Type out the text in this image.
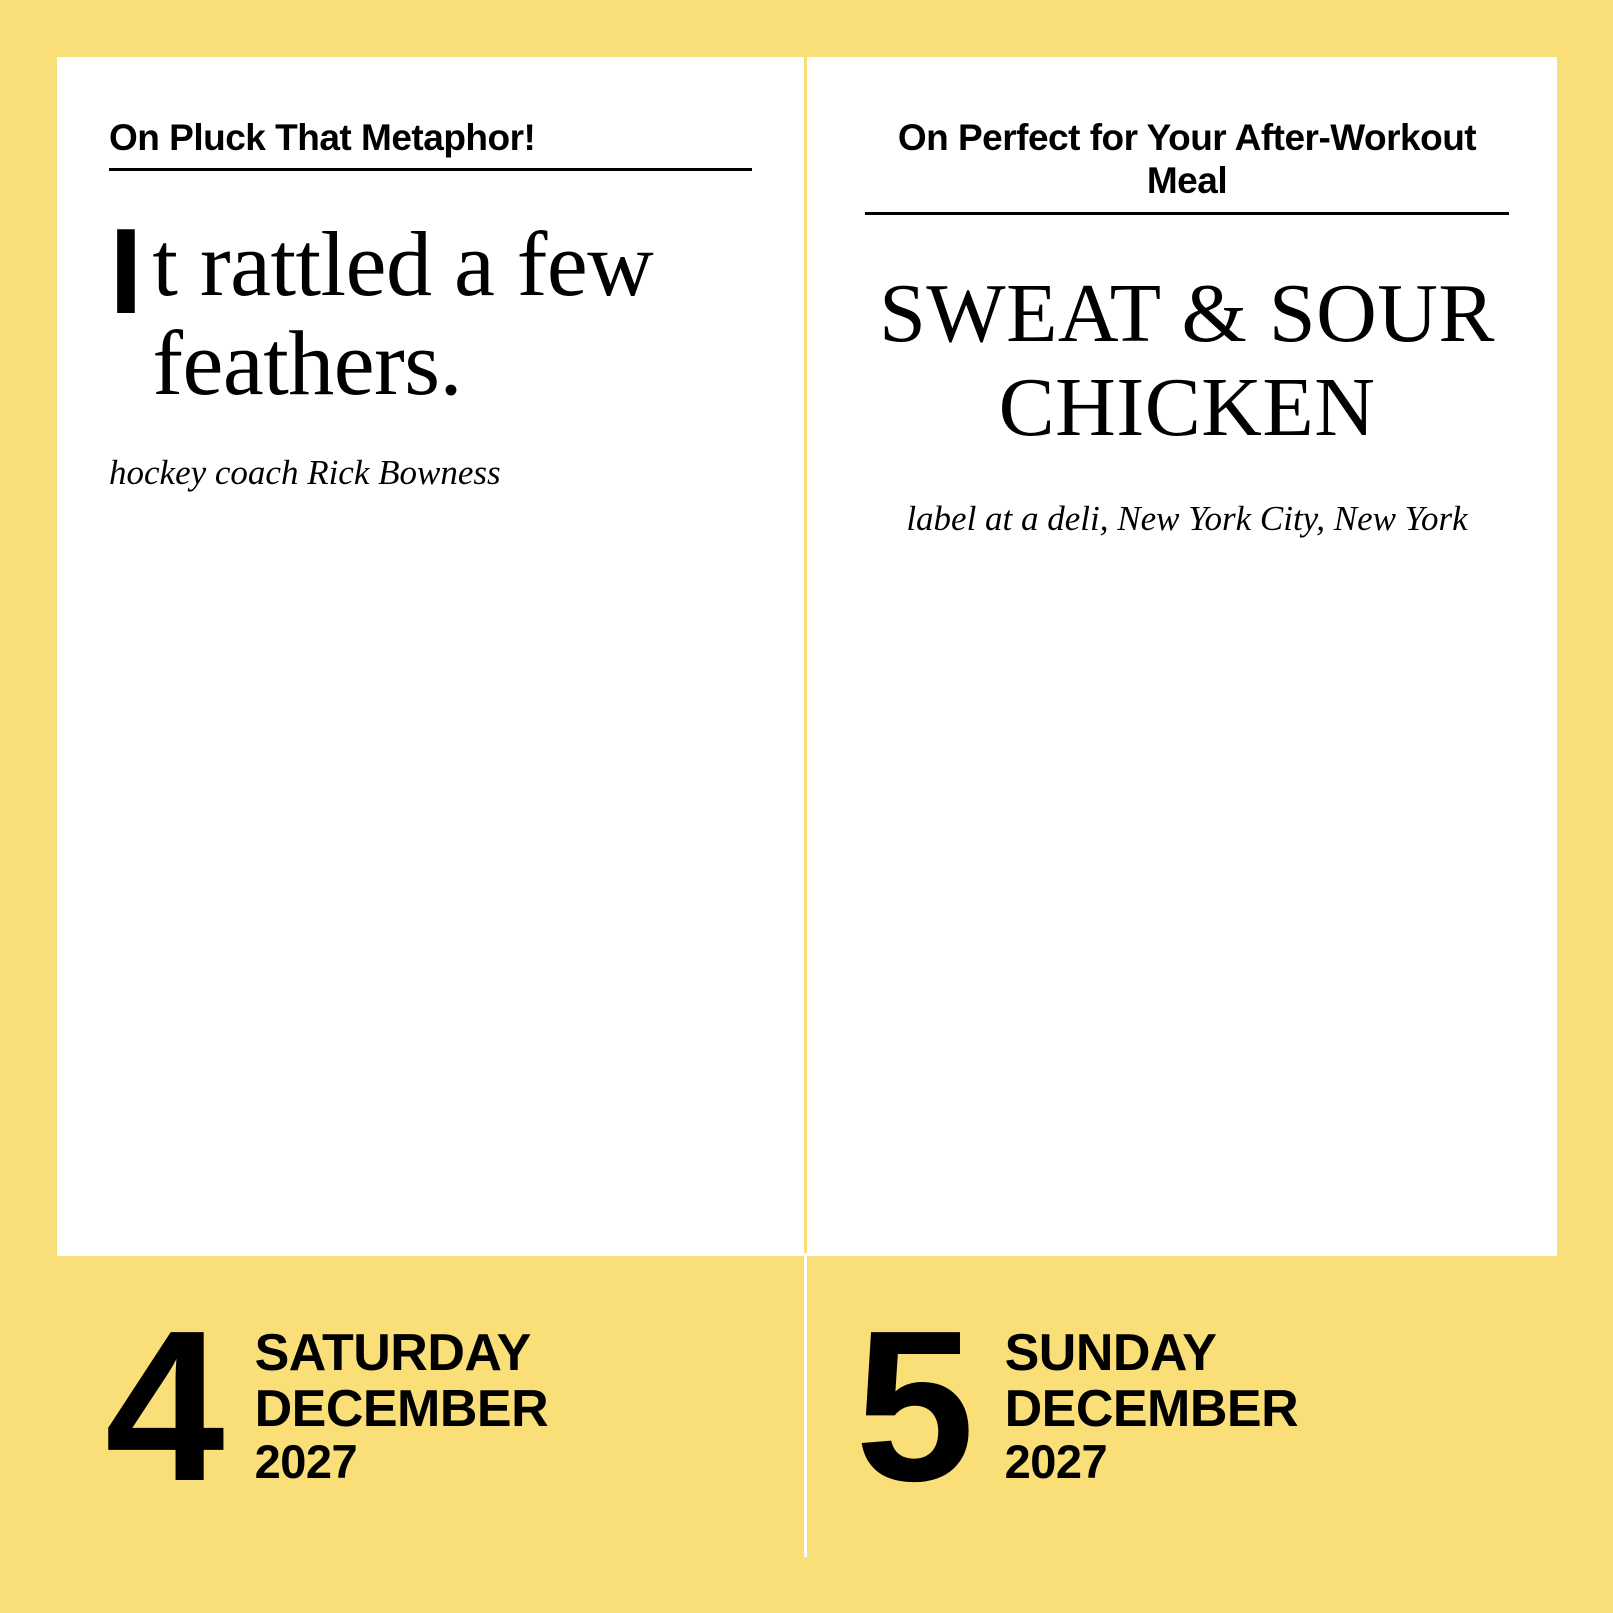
On Pluck That Metaphor!
I t rattled a few feathers.
hockey coach Rick Bowness
On Perfect for Your After-Workout Meal
SWEAT & SOUR CHICKEN
label at a deli, New York City, New York
4 SATURDAY
DECEMBER
2027	5 SUNDAY
DECEMBER
2027
